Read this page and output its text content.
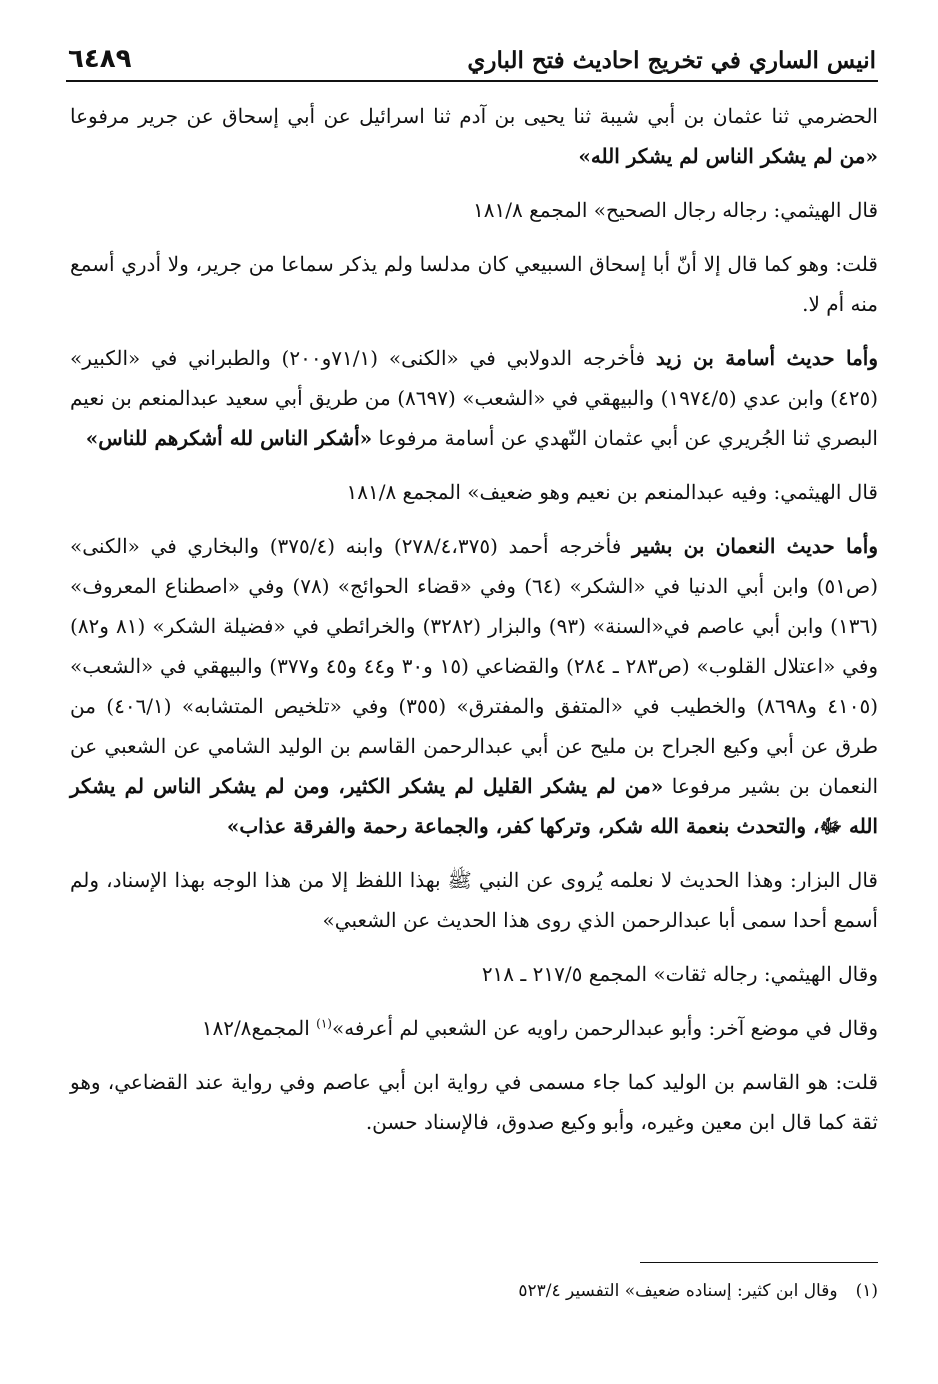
انيس الساري في تخريج احاديث فتح الباري
٦٤٨٩

الحضرمي ثنا عثمان بن أبي شيبة ثنا يحيى بن آدم ثنا اسرائيل عن أبي إسحاق عن جرير مرفوعا «من لم يشكر الناس لم يشكر الله»

قال الهيثمي: رجاله رجال الصحيح» المجمع ١٨١/٨

قلت: وهو كما قال إلا أنّ أبا إسحاق السبيعي كان مدلسا ولم يذكر سماعا من جرير، ولا أدري أسمع منه أم لا.

وأما حديث أسامة بن زيد فأخرجه الدولابي في «الكنى» (٧١/١و٢٠٠) والطبراني في «الكبير» (٤٢٥) وابن عدي (١٩٧٤/٥) والبيهقي في «الشعب» (٨٦٩٧) من طريق أبي سعيد عبدالمنعم بن نعيم البصري ثنا الجُريري عن أبي عثمان النّهدي عن أسامة مرفوعا «أشكر الناس لله أشكرهم للناس»

قال الهيثمي: وفيه عبدالمنعم بن نعيم وهو ضعيف» المجمع ١٨١/٨

وأما حديث النعمان بن بشير فأخرجه أحمد (٢٧٨/٤،٣٧٥) وابنه (٣٧٥/٤) والبخاري في «الكنى» (ص٥١) وابن أبي الدنيا في «الشكر» (٦٤) وفي «قضاء الحوائج» (٧٨) وفي «اصطناع المعروف» (١٣٦) وابن أبي عاصم في«السنة» (٩٣) والبزار (٣٢٨٢) والخرائطي في «فضيلة الشكر» (٨١ و٨٢) وفي «اعتلال القلوب» (ص٢٨٣ ـ ٢٨٤) والقضاعي (١٥ و٣٠ و٤٤ و٤٥ و٣٧٧) والبيهقي في «الشعب» (٤١٠٥ و٨٦٩٨) والخطيب في «المتفق والمفترق» (٣٥٥) وفي «تلخيص المتشابه» (٤٠٦/١) من طرق عن أبي وكيع الجراح بن مليح عن أبي عبدالرحمن القاسم بن الوليد الشامي عن الشعبي عن النعمان بن بشير مرفوعا «من لم يشكر القليل لم يشكر الكثير، ومن لم يشكر الناس لم يشكر الله ﷻ، والتحدث بنعمة الله شكر، وتركها كفر، والجماعة رحمة والفرقة عذاب»

قال البزار: وهذا الحديث لا نعلمه يُروى عن النبي ﷺ بهذا اللفظ إلا من هذا الوجه بهذا الإسناد، ولم أسمع أحدا سمى أبا عبدالرحمن الذي روى هذا الحديث عن الشعبي»

وقال الهيثمي: رجاله ثقات» المجمع ٢١٧/٥ ـ ٢١٨

وقال في موضع آخر: وأبو عبدالرحمن راويه عن الشعبي لم أعرفه»$^{(١)}$ المجمع١٨٢/٨

قلت: هو القاسم بن الوليد كما جاء مسمى في رواية ابن أبي عاصم وفي رواية عند القضاعي، وهو ثقة كما قال ابن معين وغيره، وأبو وكيع صدوق، فالإسناد حسن.

(١)وقال ابن كثير: إسناده ضعيف» التفسير ٥٢٣/٤
